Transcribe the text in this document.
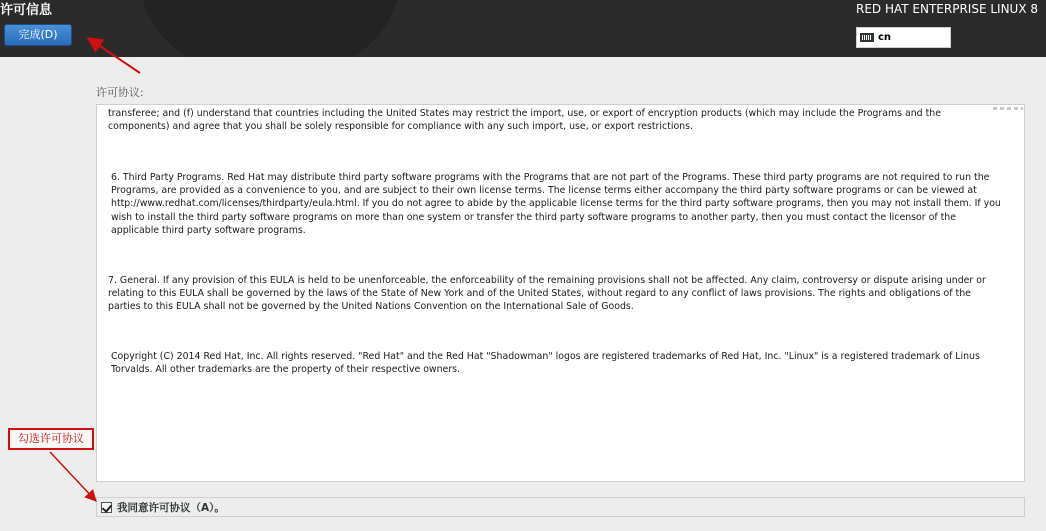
许可信息
完成(D)
RED HAT ENTERPRISE LINUX 8
cn
许可协议:

transferee; and (f) understand that countries including the United States may restrict the import, use, or export of encryption products (which may include the Programs and the components) and agree that you shall be solely responsible for compliance with any such import, use, or export restrictions.

6. Third Party Programs. Red Hat may distribute third party software programs with the Programs that are not part of the Programs. These third party programs are not required to run the Programs, are provided as a convenience to you, and are subject to their own license terms. The license terms either accompany the third party software programs or can be viewed at http://www.redhat.com/licenses/thirdparty/eula.html. If you do not agree to abide by the applicable license terms for the third party software programs, then you may not install them. If you wish to install the third party software programs on more than one system or transfer the third party software programs to another party, then you must contact the licensor of the applicable third party software programs.

7. General. If any provision of this EULA is held to be unenforceable, the enforceability of the remaining provisions shall not be affected. Any claim, controversy or dispute arising under or relating to this EULA shall be governed by the laws of the State of New York and of the United States, without regard to any conflict of laws provisions. The rights and obligations of the parties to this EULA shall not be governed by the United Nations Convention on the International Sale of Goods.

Copyright (C) 2014 Red Hat, Inc. All rights reserved. "Red Hat" and the Red Hat "Shadowman" logos are registered trademarks of Red Hat, Inc. "Linux" is a registered trademark of Linus Torvalds. All other trademarks are the property of their respective owners.

我同意许可协议（A）。
勾选许可协议
